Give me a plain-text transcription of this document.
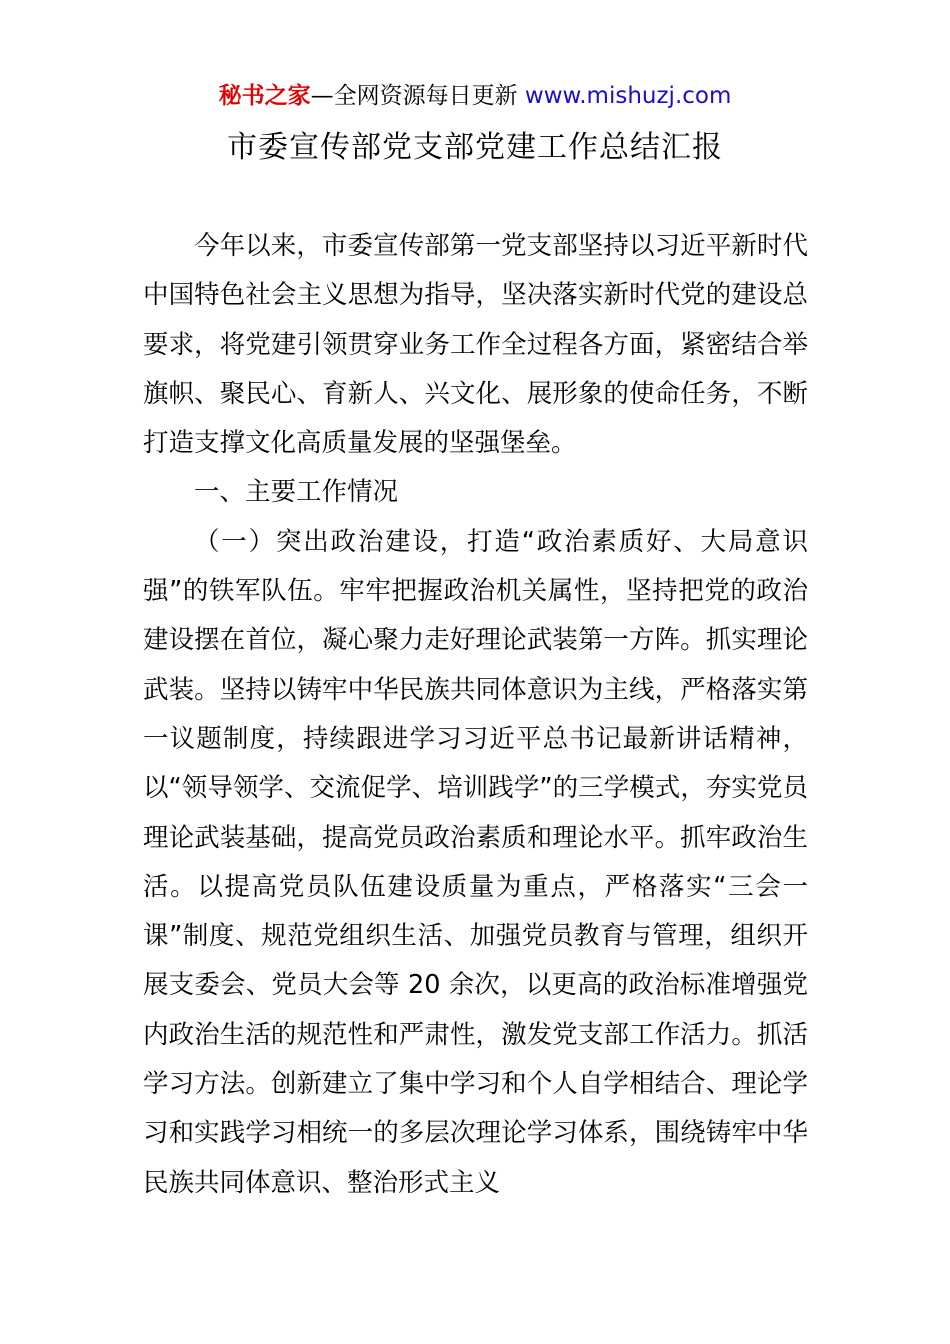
秘书之家—全网资源每日更新 www.mishuzj.com
市委宣传部党支部党建工作总结汇报

今年以来，市委宣传部第一党支部坚持以习近平新时代中国特色社会主义思想为指导，坚决落实新时代党的建设总要求，将党建引领贯穿业务工作全过程各方面，紧密结合举旗帜、聚民心、育新人、兴文化、展形象的使命任务，不断打造支撑文化高质量发展的坚强堡垒。

一、主要工作情况

（一）突出政治建设，打造“政治素质好、大局意识强”的铁军队伍。牢牢把握政治机关属性，坚持把党的政治建设摆在首位，凝心聚力走好理论武装第一方阵。抓实理论武装。坚持以铸牢中华民族共同体意识为主线，严格落实第一议题制度，持续跟进学习习近平总书记最新讲话精神，以“领导领学、交流促学、培训践学”的三学模式，夯实党员理论武装基础，提高党员政治素质和理论水平。抓牢政治生活。以提高党员队伍建设质量为重点，严格落实“三会一课”制度、规范党组织生活、加强党员教育与管理，组织开展支委会、党员大会等 20 余次，以更高的政治标准增强党内政治生活的规范性和严肃性，激发党支部工作活力。抓活学习方法。创新建立了集中学习和个人自学相结合、理论学习和实践学习相统一的多层次理论学习体系，围绕铸牢中华民族共同体意识、整治形式主义
